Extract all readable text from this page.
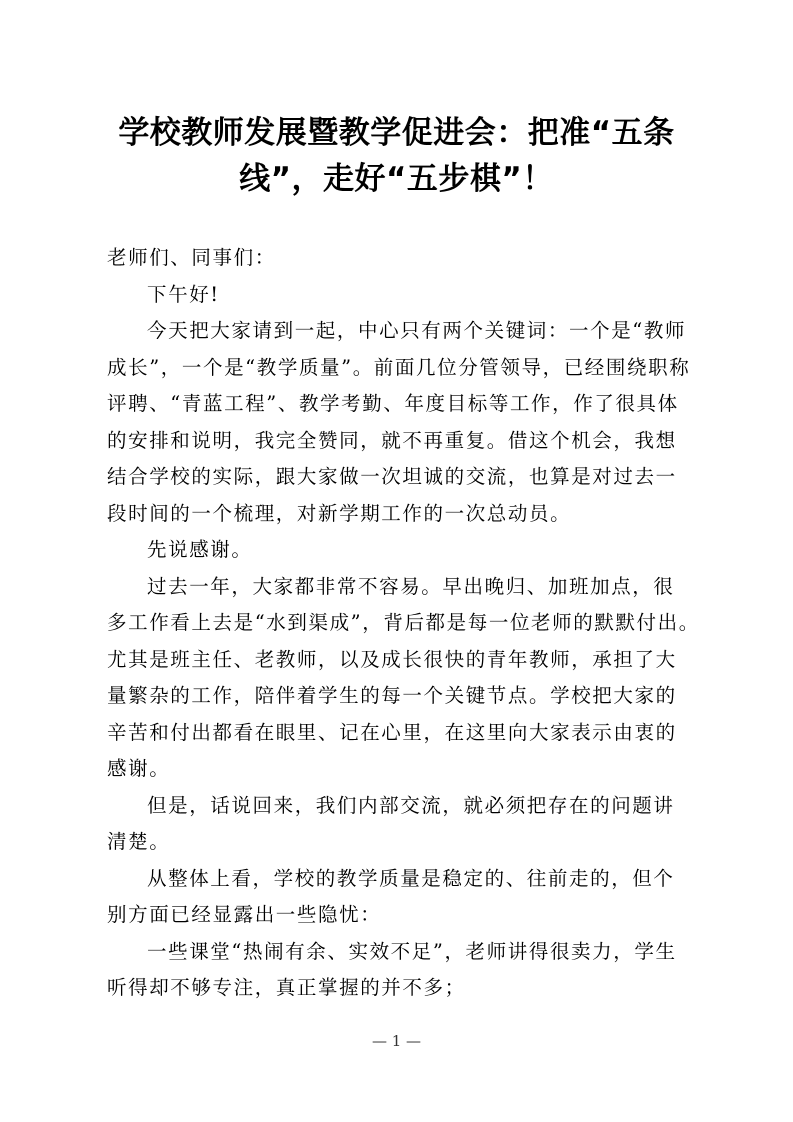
学校教师发展暨教学促进会：把准“五条
线”，走好“五步棋”！
老师们、同事们：
下午好!
今天把大家请到一起，中心只有两个关键词：一个是“教师
成长”，一个是“教学质量”。前面几位分管领导，已经围绕职称
评聘、“青蓝工程”、教学考勤、年度目标等工作，作了很具体
的安排和说明，我完全赞同，就不再重复。借这个机会，我想
结合学校的实际，跟大家做一次坦诚的交流，也算是对过去一
段时间的一个梳理，对新学期工作的一次总动员。
先说感谢。
过去一年，大家都非常不容易。早出晚归、加班加点，很
多工作看上去是“水到渠成”，背后都是每一位老师的默默付出。
尤其是班主任、老教师，以及成长很快的青年教师，承担了大
量繁杂的工作，陪伴着学生的每一个关键节点。学校把大家的
辛苦和付出都看在眼里、记在心里，在这里向大家表示由衷的
感谢。
但是，话说回来，我们内部交流，就必须把存在的问题讲
清楚。
从整体上看，学校的教学质量是稳定的、往前走的，但个
别方面已经显露出一些隐忧：
一些课堂“热闹有余、实效不足”，老师讲得很卖力，学生
听得却不够专注，真正掌握的并不多；
— 1 —
